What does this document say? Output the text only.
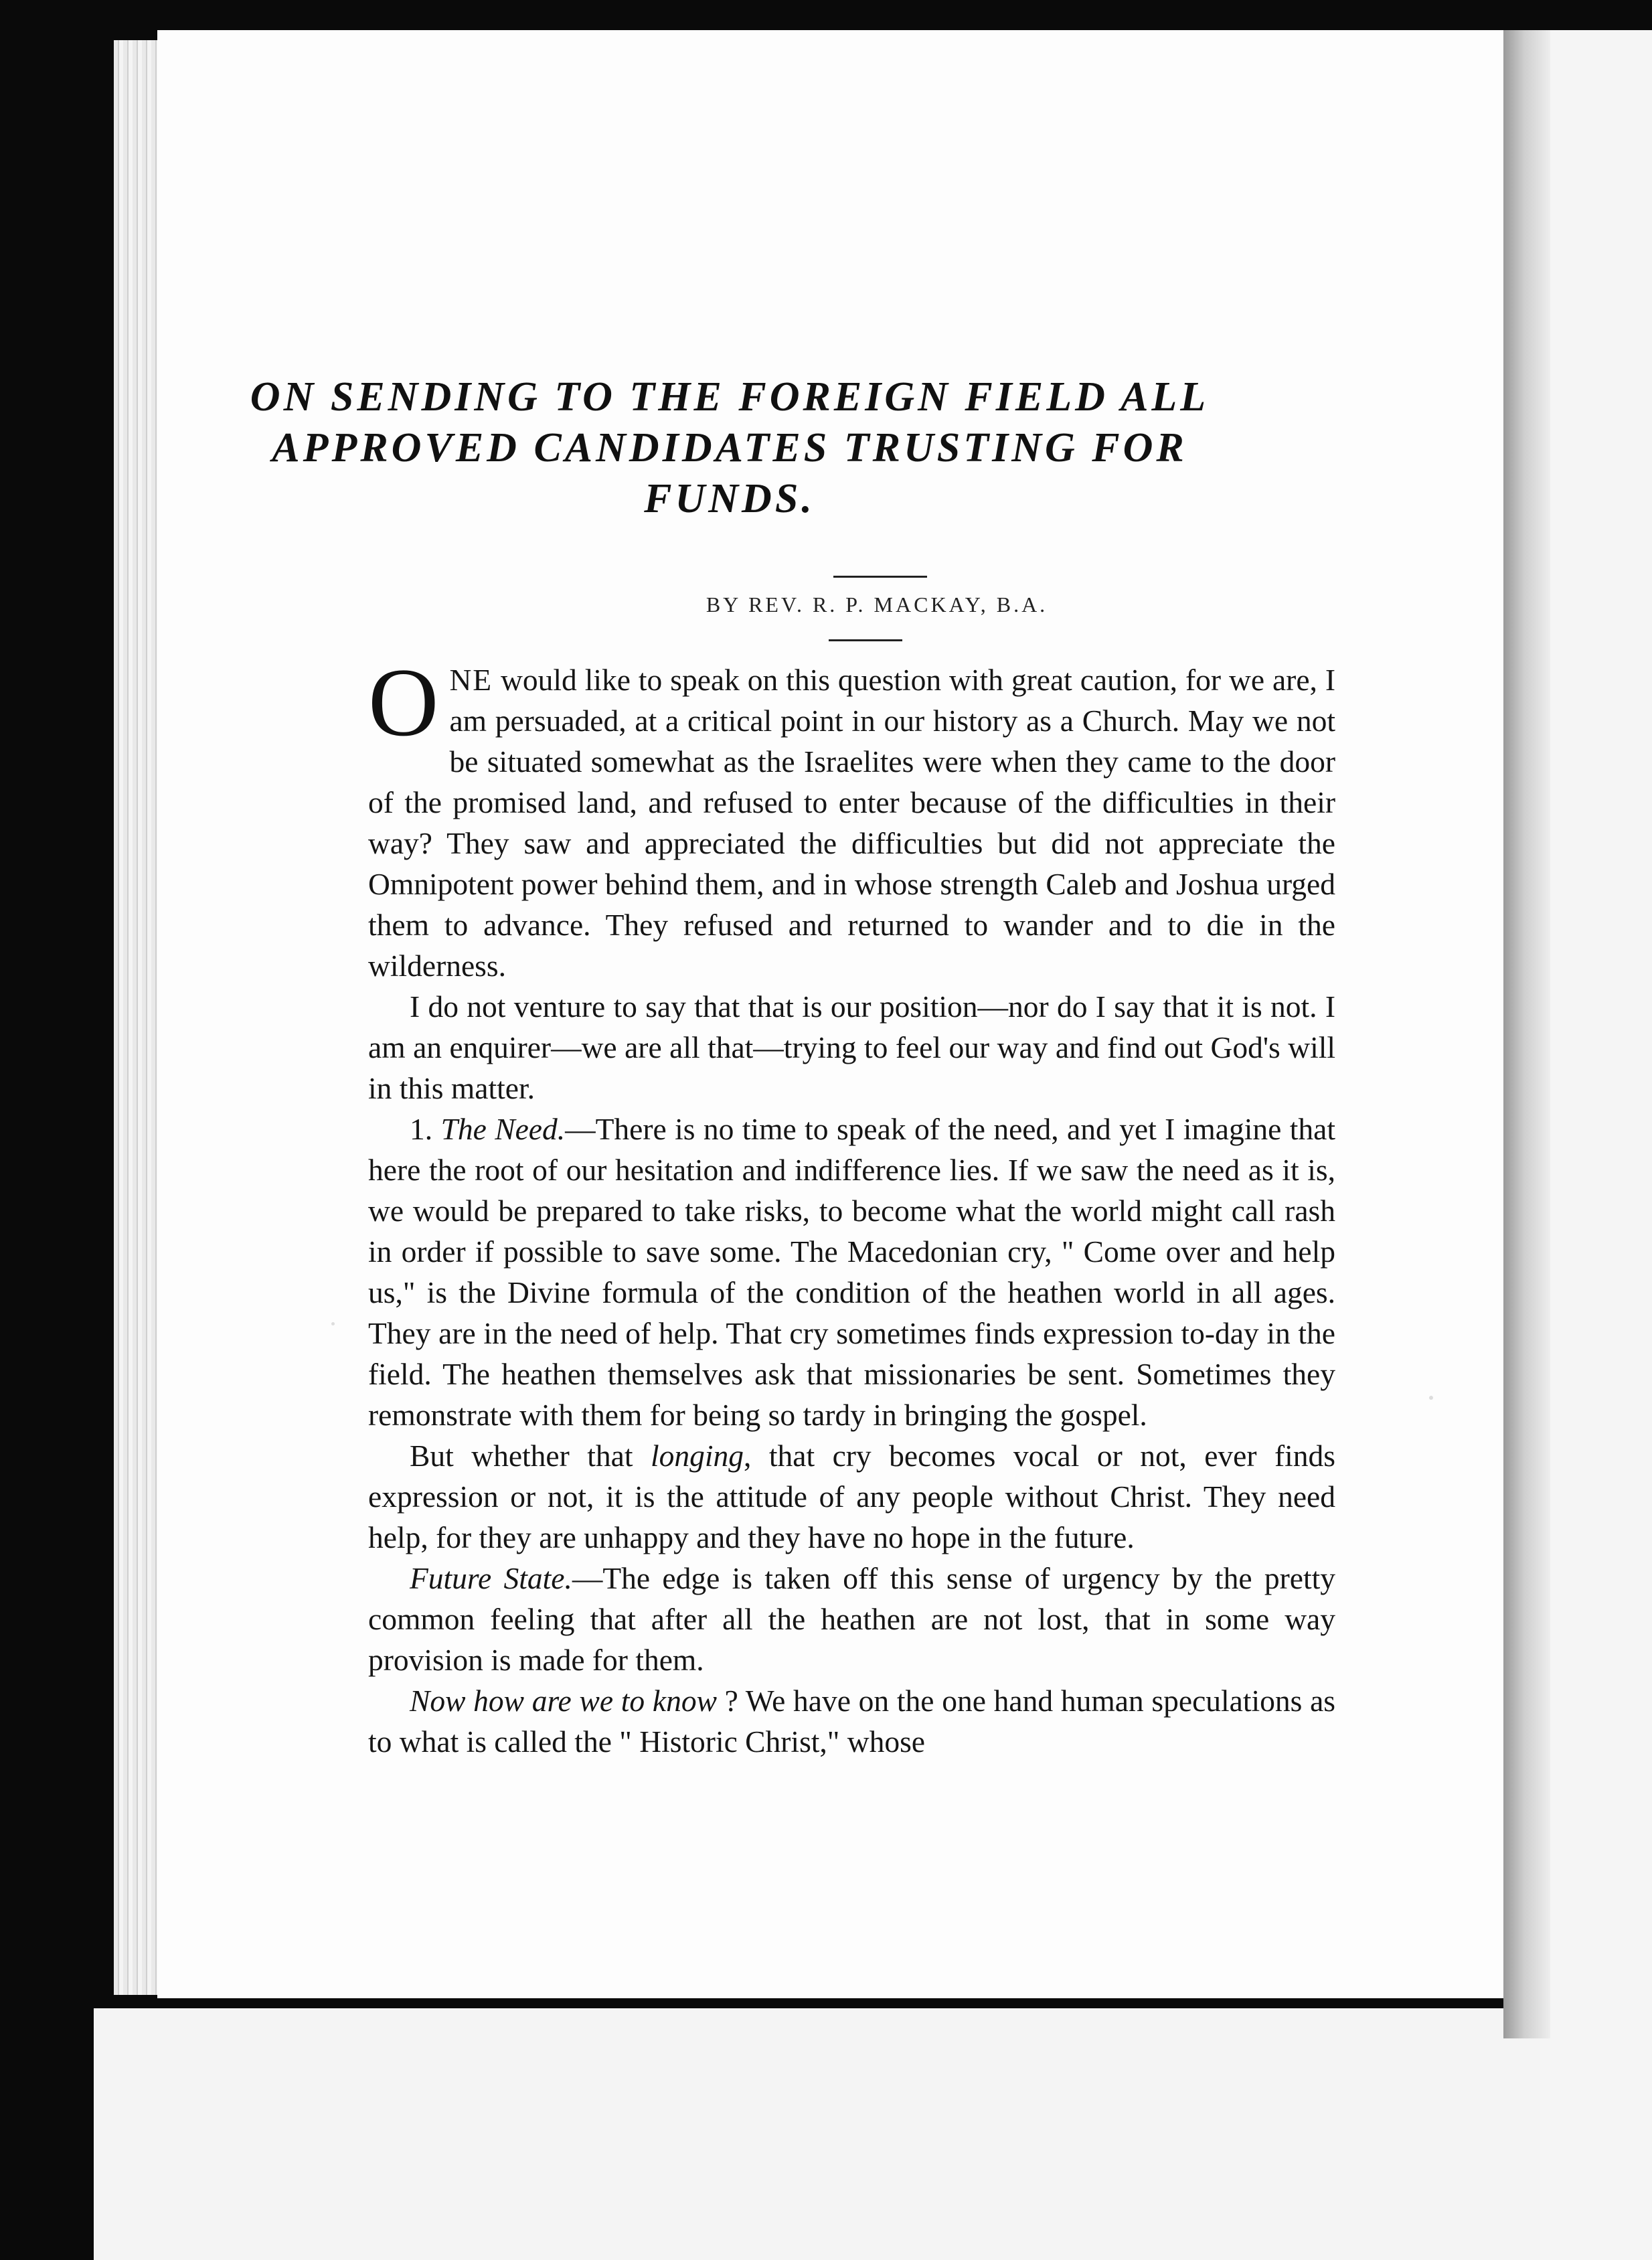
ON SENDING TO THE FOREIGN FIELD ALL APPROVED CANDIDATES TRUSTING FOR FUNDS.
BY REV. R. P. MACKAY, B.A.

ONE would like to speak on this question with great caution, for we are, I am persuaded, at a critical point in our history as a Church. May we not be situated somewhat as the Israelites were when they came to the door of the promised land, and refused to enter because of the difficulties in their way? They saw and appreciated the difficulties but did not appreciate the Omnipotent power behind them, and in whose strength Caleb and Joshua urged them to advance. They refused and returned to wander and to die in the wilderness.

I do not venture to say that that is our position—nor do I say that it is not. I am an enquirer—we are all that—trying to feel our way and find out God's will in this matter.

1. The Need.—There is no time to speak of the need, and yet I imagine that here the root of our hesitation and indifference lies. If we saw the need as it is, we would be prepared to take risks, to become what the world might call rash in order if possible to save some. The Macedonian cry, " Come over and help us," is the Divine formula of the condition of the heathen world in all ages. They are in the need of help. That cry sometimes finds expression to-day in the field. The heathen themselves ask that missionaries be sent. Sometimes they remonstrate with them for being so tardy in bringing the gospel.

But whether that longing, that cry becomes vocal or not, ever finds expression or not, it is the attitude of any people without Christ. They need help, for they are unhappy and they have no hope in the future.

Future State.—The edge is taken off this sense of urgency by the pretty common feeling that after all the heathen are not lost, that in some way provision is made for them.

Now how are we to know ? We have on the one hand human speculations as to what is called the " Historic Christ," whose
